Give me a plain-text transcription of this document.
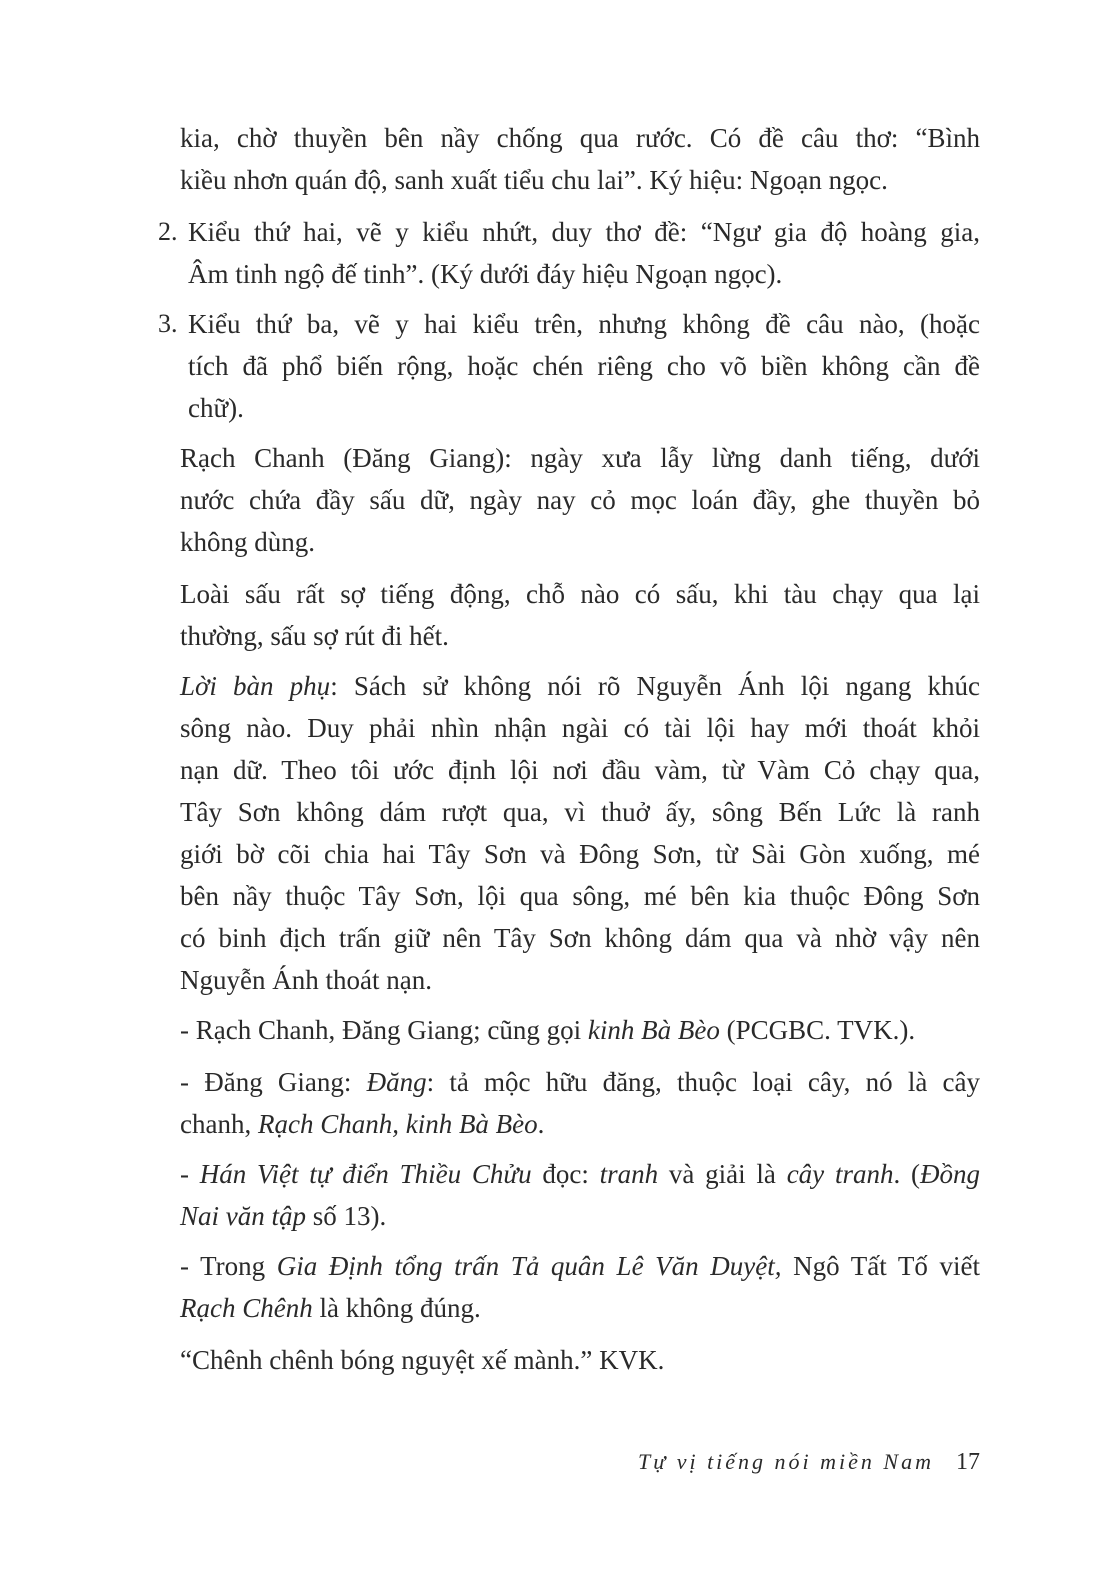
kia, chờ thuyền bên nầy chống qua rước. Có đề câu thơ: “Bình
kiều nhơn quán độ, sanh xuất tiểu chu lai”. Ký hiệu: Ngoạn ngọc.
2. Kiểu thứ hai, vẽ y kiểu nhứt, duy thơ đề: “Ngư gia độ hoàng gia,
Âm tinh ngộ đế tinh”. (Ký dưới đáy hiệu Ngoạn ngọc).
3. Kiểu thứ ba, vẽ y hai kiểu trên, nhưng không đề câu nào, (hoặc
tích đã phổ biến rộng, hoặc chén riêng cho võ biền không cần đề
chữ).
Rạch Chanh (Đăng Giang): ngày xưa lẫy lừng danh tiếng, dưới
nước chứa đầy sấu dữ, ngày nay cỏ mọc loán đầy, ghe thuyền bỏ
không dùng.
Loài sấu rất sợ tiếng động, chỗ nào có sấu, khi tàu chạy qua lại
thường, sấu sợ rút đi hết.
Lời bàn phụ: Sách sử không nói rõ Nguyễn Ánh lội ngang khúc
sông nào. Duy phải nhìn nhận ngài có tài lội hay mới thoát khỏi
nạn dữ. Theo tôi ước định lội nơi đầu vàm, từ Vàm Cỏ chạy qua,
Tây Sơn không dám rượt qua, vì thuở ấy, sông Bến Lức là ranh
giới bờ cõi chia hai Tây Sơn và Đông Sơn, từ Sài Gòn xuống, mé
bên nầy thuộc Tây Sơn, lội qua sông, mé bên kia thuộc Đông Sơn
có binh địch trấn giữ nên Tây Sơn không dám qua và nhờ vậy nên
Nguyễn Ánh thoát nạn.
- Rạch Chanh, Đăng Giang; cũng gọi kinh Bà Bèo (PCGBC. TVK.).
- Đăng Giang: Đăng: tả mộc hữu đăng, thuộc loại cây, nó là cây
chanh, Rạch Chanh, kinh Bà Bèo.
- Hán Việt tự điển Thiều Chửu đọc: tranh và giải là cây tranh. (Đồng
Nai văn tập số 13).
- Trong Gia Định tổng trấn Tả quân Lê Văn Duyệt, Ngô Tất Tố viết
Rạch Chênh là không đúng.
“Chênh chênh bóng nguyệt xế mành.” KVK.
Tự vị tiếng nói miền Nam 17
